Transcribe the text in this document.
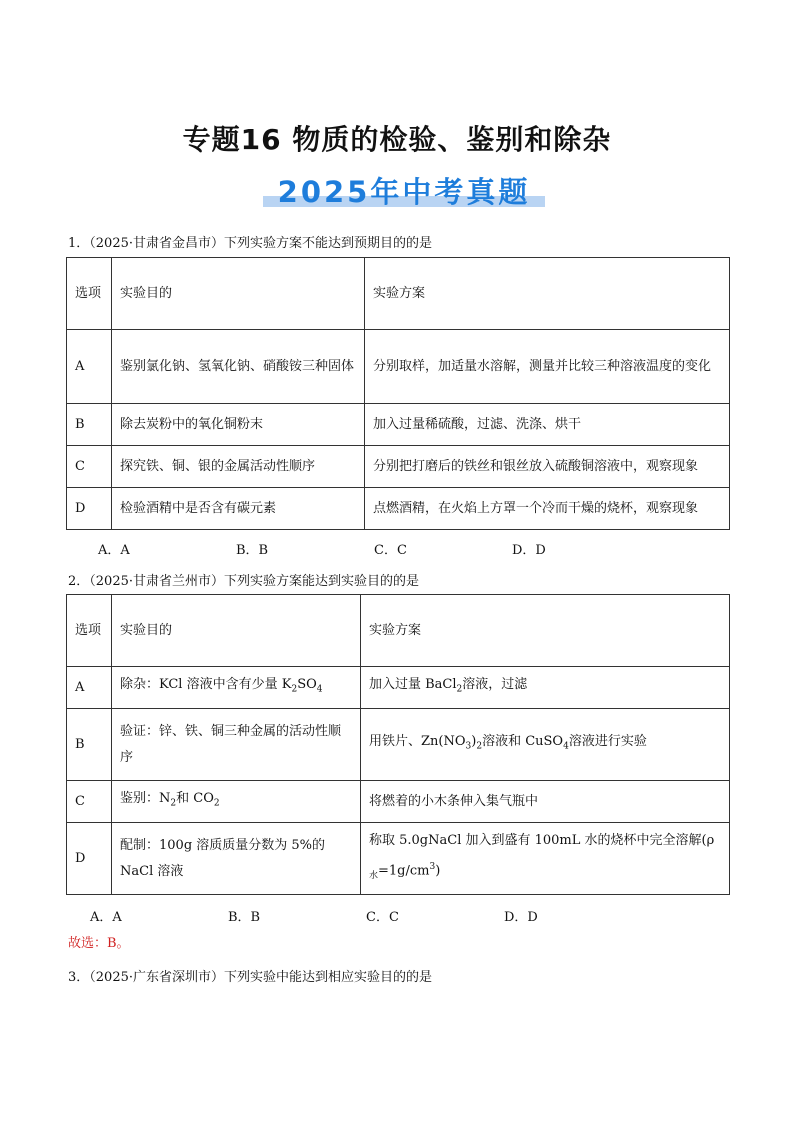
专题16 物质的检验、鉴别和除杂
2025年中考真题
1．（2025·甘肃省金昌市）下列实验方案不能达到预期目的的是
选项	实验目的	实验方案
A	鉴别氯化钠、氢氧化钠、硝酸铵三种固体	分别取样，加适量水溶解，测量并比较三种溶液温度的变化
B	除去炭粉中的氧化铜粉末	加入过量稀硫酸，过滤、洗涤、烘干
C	探究铁、铜、银的金属活动性顺序	分别把打磨后的铁丝和银丝放入硫酸铜溶液中，观察现象
D	检验酒精中是否含有碳元素	点燃酒精，在火焰上方罩一个冷而干燥的烧杯，观察现象
A．A	B．B	C．C	D．D
2．（2025·甘肃省兰州市）下列实验方案能达到实验目的的是
选项	实验目的	实验方案
A	除杂：KCl 溶液中含有少量 $K_2SO_4$	加入过量 BaCl$_2$溶液，过滤
B	验证：锌、铁、铜三种金属的活动性顺序	用铁片、$Zn(NO_3)_2$溶液和 CuSO$_4$溶液进行实验
C	鉴别：$N_2$和 $CO_2$	将燃着的小木条伸入集气瓶中
D	配制：100g 溶质质量分数为 5%的 NaCl 溶液	称取 5.0gNaCl 加入到盛有 100mL 水的烧杯中完全溶解$(\rho_水=1g/cm^3)$
A．A	B．B	C．C	D．D
故选：B。
3．（2025·广东省深圳市）下列实验中能达到相应实验目的的是
